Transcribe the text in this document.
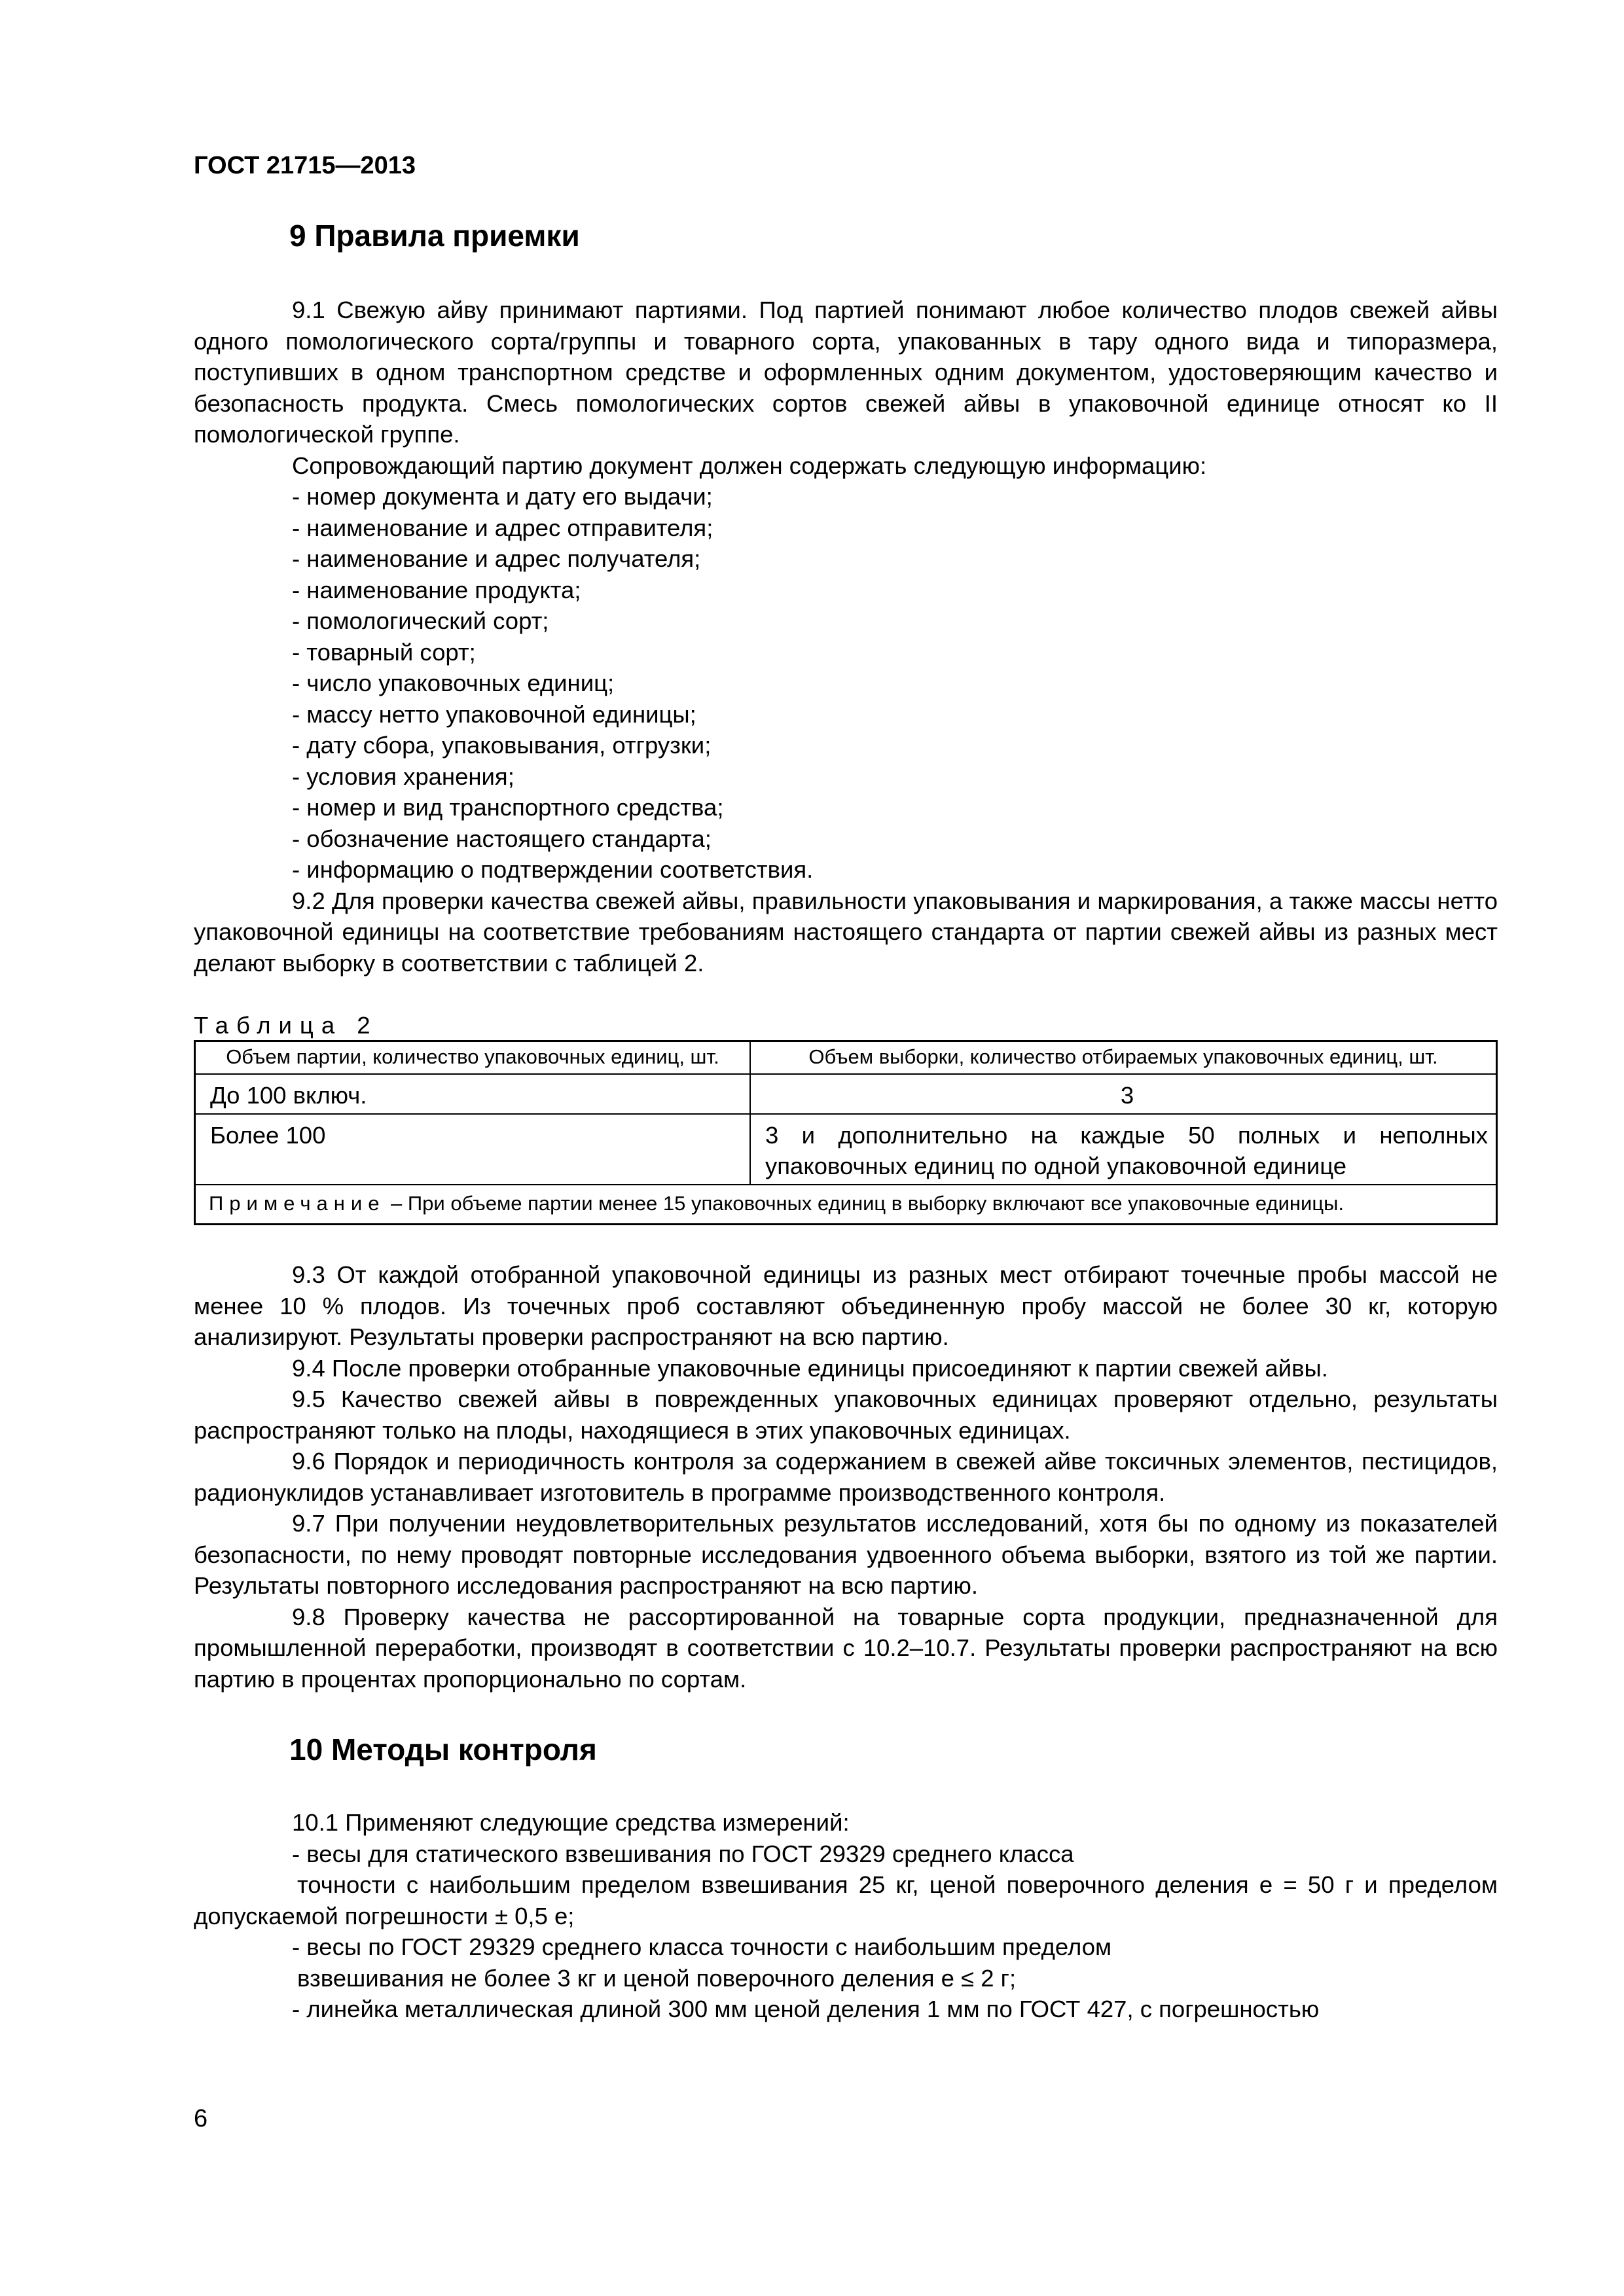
ГОСТ 21715—2013
9 Правила приемки

9.1 Свежую айву принимают партиями. Под партией понимают любое количество плодов свежей айвы одного помологического сорта/группы и товарного сорта, упакованных в тару одного вида и типоразмера, поступивших в одном транспортном средстве и оформленных одним документом, удостоверяющим качество и безопасность продукта. Смесь помологических сортов свежей айвы в упаковочной единице относят ко II помологической группе.

Сопровождающий партию документ должен содержать следующую информацию:

- номер документа и дату его выдачи;
- наименование и адрес отправителя;
- наименование и адрес получателя;
- наименование продукта;
- помологический сорт;
- товарный сорт;
- число упаковочных единиц;
- массу нетто упаковочной единицы;
- дату сбора, упаковывания, отгрузки;
- условия хранения;
- номер и вид транспортного средства;
- обозначение настоящего стандарта;
- информацию о подтверждении соответствия.

9.2 Для проверки качества свежей айвы, правильности упаковывания и маркирования, а также массы нетто упаковочной единицы на соответствие требованиям настоящего стандарта от партии свежей айвы из разных мест делают выборку в соответствии с таблицей 2.

Таблица 2
Объем партии, количество упаковочных единиц, шт.	Объем выборки, количество отбираемых упаковочных единиц, шт.
До 100 включ.	3
Более 100	3 и дополнительно на каждые 50 полных и неполных упаковочных единиц по одной упаковочной единице
Примечание – При объеме партии менее 15 упаковочных единиц в выборку включают все упаковочные единицы.	

9.3 От каждой отобранной упаковочной единицы из разных мест отбирают точечные пробы массой не менее 10 % плодов. Из точечных проб составляют объединенную пробу массой не более 30 кг, которую анализируют. Результаты проверки распространяют на всю партию.

9.4 После проверки отобранные упаковочные единицы присоединяют к партии свежей айвы.

9.5 Качество свежей айвы в поврежденных упаковочных единицах проверяют отдельно, результаты распространяют только на плоды, находящиеся в этих упаковочных единицах.

9.6 Порядок и периодичность контроля за содержанием в свежей айве токсичных элементов, пестицидов, радионуклидов устанавливает изготовитель в программе производственного контроля.

9.7 При получении неудовлетворительных результатов исследований, хотя бы по одному из показателей безопасности, по нему проводят повторные исследования удвоенного объема выборки, взятого из той же партии. Результаты повторного исследования распространяют на всю партию.

9.8 Проверку качества не рассортированной на товарные сорта продукции, предназначенной для промышленной переработки, производят в соответствии с 10.2–10.7. Результаты проверки распространяют на всю партию в процентах пропорционально по сортам.

10 Методы контроля

10.1 Применяют следующие средства измерений:

- весы для статического взвешивания по ГОСТ 29329 среднего класса
точности с наибольшим пределом взвешивания 25 кг, ценой поверочного деления е = 50 г и пределом допускаемой погрешности ± 0,5 е;
- весы по ГОСТ 29329 среднего класса точности с наибольшим пределом
взвешивания не более 3 кг и ценой поверочного деления е ≤ 2 г;
- линейка металлическая длиной 300 мм ценой деления 1 мм по ГОСТ 427, с погрешностью
6
